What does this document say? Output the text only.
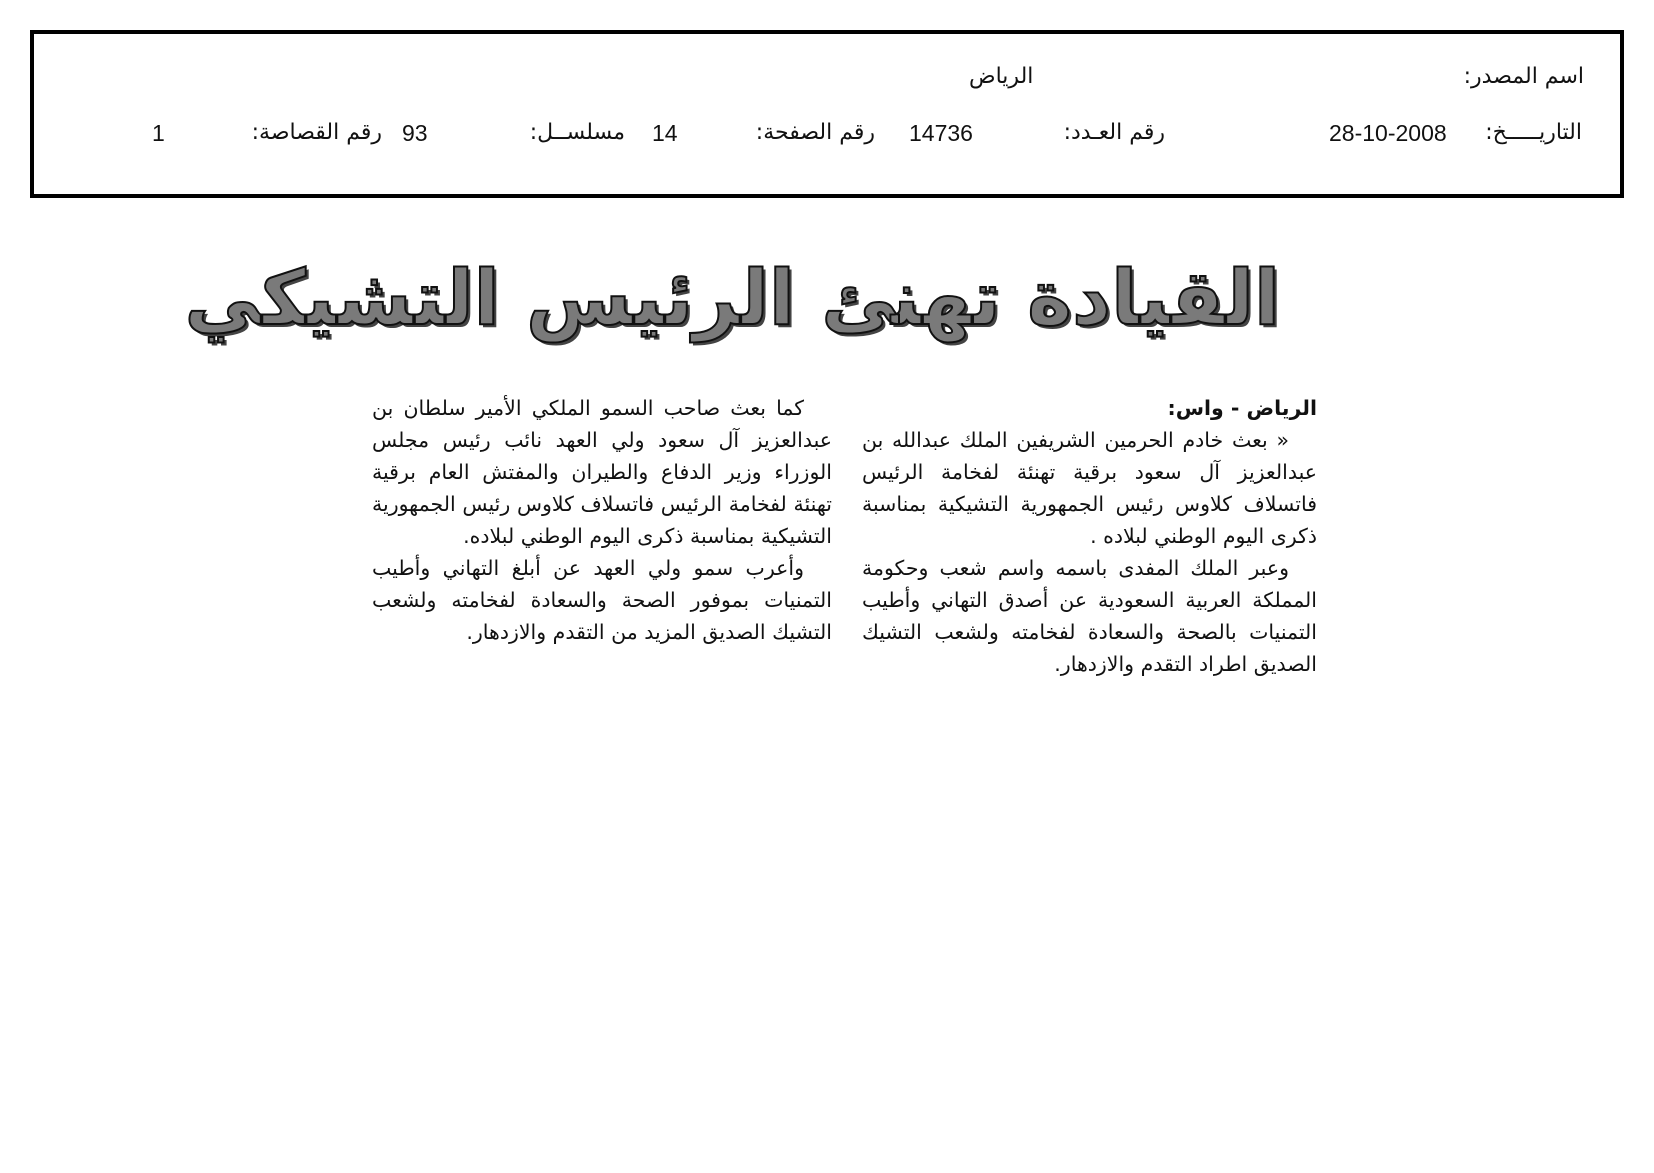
اسم المصدر:
الرياض
التاريـــــخ:
28-10-2008
رقم العـدد:
14736
رقم الصفحة:
14
مسلســل:
93
رقم القصاصة:
1
القيادة تهنئ الرئيس التشيكي
الرياض - واس:

« بعث خادم الحرمين الشريفين الملك عبدالله بن عبدالعزيز آل سعود برقية تهنئة لفخامة الرئيس فاتسلاف كلاوس رئيس الجمهورية التشيكية بمناسبة ذكرى اليوم الوطني لبلاده .

وعبر الملك المفدى باسمه واسم شعب وحكومة المملكة العربية السعودية عن أصدق التهاني وأطيب التمنيات بالصحة والسعادة لفخامته ولشعب التشيك الصديق اطراد التقدم والازدهار.

كما بعث صاحب السمو الملكي الأمير سلطان بن عبدالعزيز آل سعود ولي العهد نائب رئيس مجلس الوزراء وزير الدفاع والطيران والمفتش العام برقية تهنئة لفخامة الرئيس فاتسلاف كلاوس رئيس الجمهورية التشيكية بمناسبة ذكرى اليوم الوطني لبلاده.

وأعرب سمو ولي العهد عن أبلغ التهاني وأطيب التمنيات بموفور الصحة والسعادة لفخامته ولشعب التشيك الصديق المزيد من التقدم والازدهار.
